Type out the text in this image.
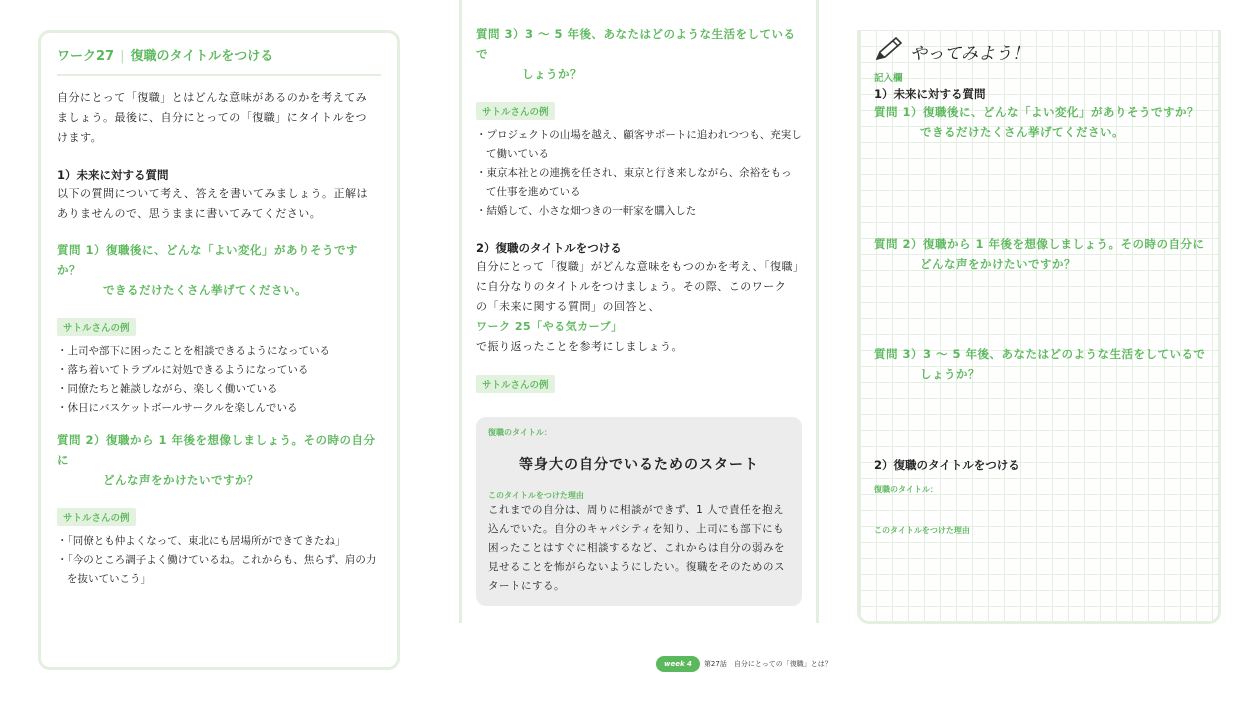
ワーク27 | 復職のタイトルをつける

自分にとって「復職」とはどんな意味があるのかを考えてみ

ましょう。最後に、自分にとっての「復職」にタイトルをつ

けます。

1）未来に対する質問

以下の質問について考え、答えを書いてみましょう。正解は

ありませんので、思うままに書いてみてください。

質問 1）復職後に、どんな「よい変化」がありそうですか？
できるだけたくさん挙げてください。
サトルさんの例
・ 上司や部下に困ったことを相談できるようになっている
・ 落ち着いてトラブルに対処できるようになっている
・ 同僚たちと雑談しながら、楽しく働いている
・ 休日にバスケットボールサークルを楽しんでいる
質問 2）復職から 1 年後を想像しましょう。その時の自分に
どんな声をかけたいですか？
サトルさんの例
・ 「同僚とも仲よくなって、東北にも居場所ができてきたね」
・ 「今のところ調子よく働けているね。これからも、焦らず、肩の力を抜いていこう」
質問 3）3 〜 5 年後、あなたはどのような生活をしているで
しょうか？
サトルさんの例
・ プロジェクトの山場を越え、顧客サポートに追われつつも、充実して働いている
・ 東京本社との連携を任され、東京と行き来しながら、余裕をもって仕事を進めている
・ 結婚して、小さな畑つきの一軒家を購入した
2）復職のタイトルをつける

自分にとって「復職」がどんな意味をもつのかを考え、「復職」

に自分なりのタイトルをつけましょう。その際、このワーク

の「未来に関する質問」の回答と、ワーク 25「やる気カーブ」

で振り返ったことを参考にしましょう。

サトルさんの例
復職のタイトル：
等身大の自分でいるためのスタート
このタイトルをつけた理由

これまでの自分は、周りに相談ができず、1 人で責任を抱え

込んでいた。自分のキャパシティを知り、上司にも部下にも

困ったことはすぐに相談するなど、これからは自分の弱みを

見せることを怖がらないようにしたい。復職をそのためのス

タートにする。

やってみよう！
記入欄
1）未来に対する質問
質問 1）復職後に、どんな「よい変化」がありそうですか？
できるだけたくさん挙げてください。
質問 2）復職から 1 年後を想像しましょう。その時の自分に
どんな声をかけたいですか？
質問 3）3 〜 5 年後、あなたはどのような生活をしているで
しょうか？
2）復職のタイトルをつける
復職のタイトル：
このタイトルをつけた理由
week 4	第27話　自分にとっての「復職」とは？
